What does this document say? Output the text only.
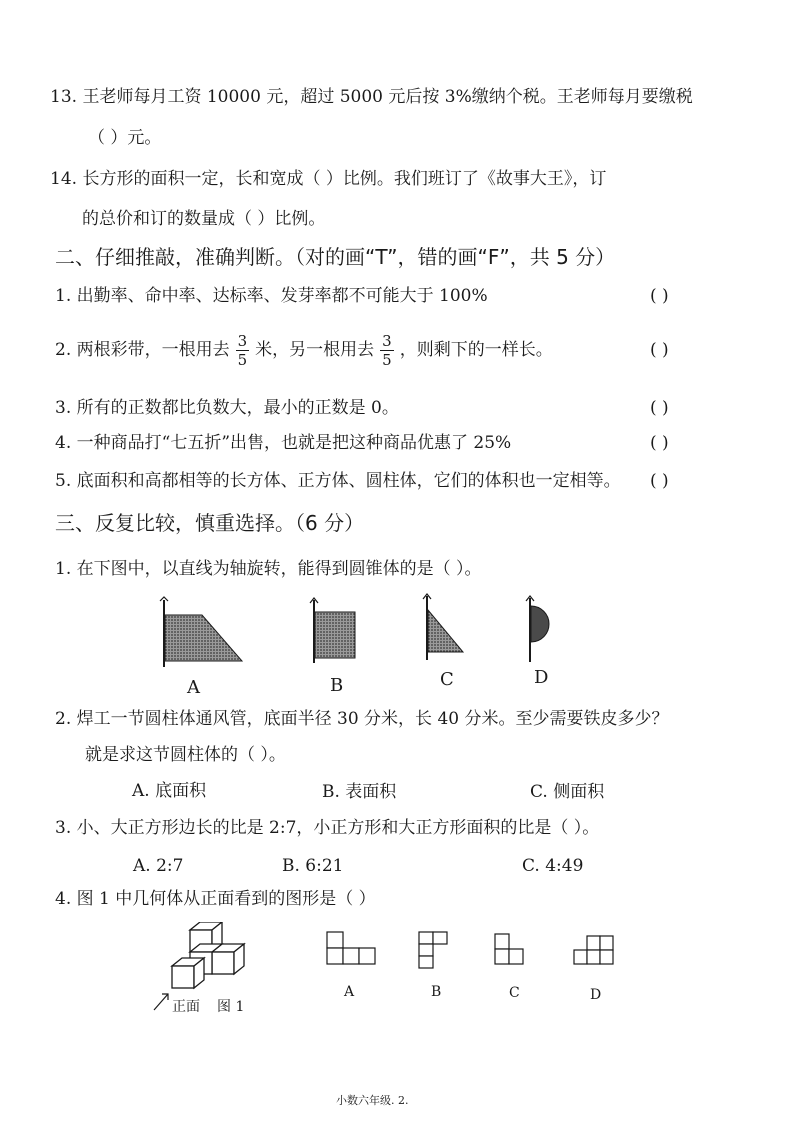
13. 王老师每月工资 10000 元，超过 5000 元后按 3%缴纳个税。王老师每月要缴税
（ ）元。
14. 长方形的面积一定，长和宽成（ ）比例。我们班订了《故事大王》，订
的总价和订的数量成（ ）比例。
二、仔细推敲，准确判断。（对的画“T”，错的画“F”，共 5 分）
1. 出勤率、命中率、达标率、发芽率都不可能大于 100%	( )
2. 两根彩带，一根用去 $\frac{3}{5}$ 米，另一根用去 $\frac{3}{5}$ ，则剩下的一样长。	( )
3. 所有的正数都比负数大，最小的正数是 0。	( )
4. 一种商品打“七五折”出售，也就是把这种商品优惠了 25%	( )
5. 底面积和高都相等的长方体、正方体、圆柱体，它们的体积也一定相等。 ( )
三、反复比较，慎重选择。（6 分）
1. 在下图中，以直线为轴旋转，能得到圆锥体的是（ ）。
A	B	C	D
2. 焊工一节圆柱体通风管，底面半径 30 分米，长 40 分米。至少需要铁皮多少？
就是求这节圆柱体的（ ）。
A. 底面积	B. 表面积	C. 侧面积
3. 小、大正方形边长的比是 2:7，小正方形和大正方形面积的比是（ ）。
A. 2:7	B. 6:21	C. 4:49
4. 图 1 中几何体从正面看到的图形是（ ）
正面 图 1
A	B	C	D
小数六年级. 2.
